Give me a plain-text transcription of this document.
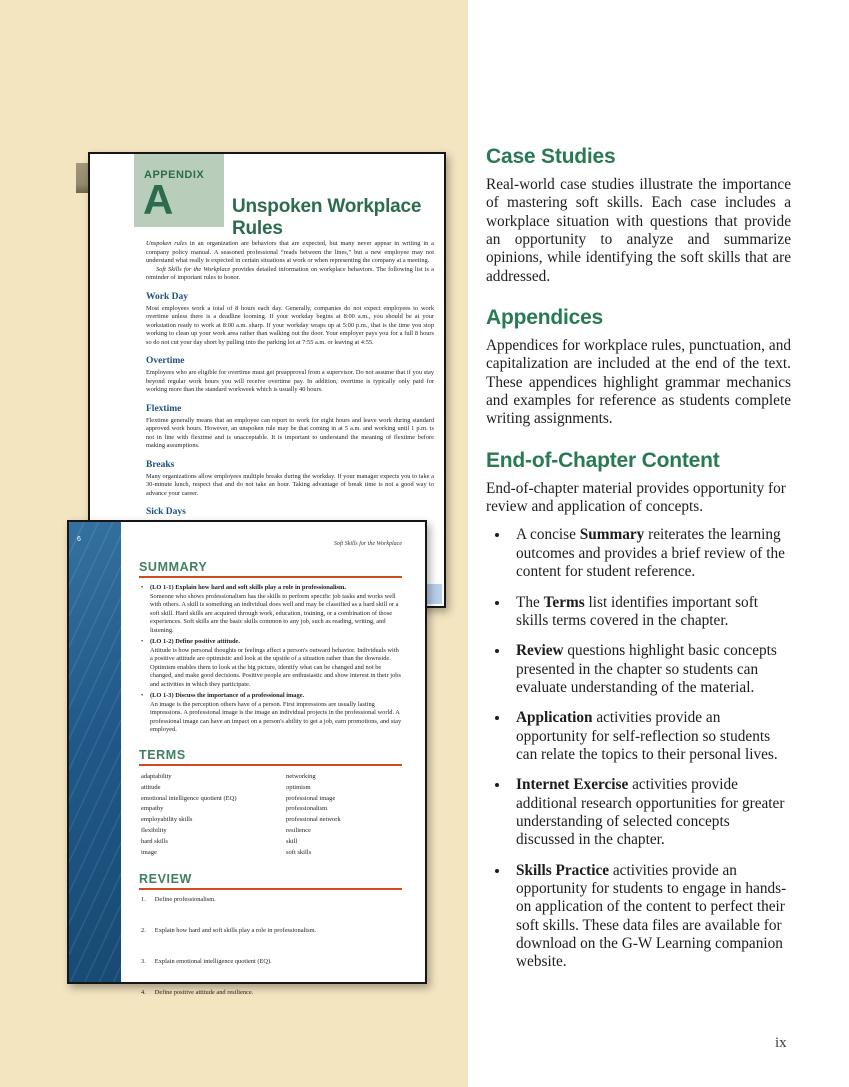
APPENDIX
A	Unspoken Workplace Rules

Unspoken rules in an organization are behaviors that are expected, but many never appear in writing in a company policy manual. A seasoned professional “reads between the lines,” but a new employee may not understand what really is expected in certain situations at work or when representing the company at a meeting.

Soft Skills for the Workplace provides detailed information on workplace behaviors. The following list is a reminder of important rules to honor.

Work Day

Most employees work a total of 8 hours each day. Generally, companies do not expect employees to work overtime unless there is a deadline looming. If your workday begins at 8:00 a.m., you should be at your workstation ready to work at 8:00 a.m. sharp. If your workday wraps up at 5:00 p.m., that is the time you stop working to clean up your work area rather than walking out the door. Your employer pays you for a full 8 hours so do not cut your day short by pulling into the parking lot at 7:55 a.m. or leaving at 4:55.

Overtime

Employees who are eligible for overtime must get preapproval from a supervisor. Do not assume that if you stay beyond regular work hours you will receive overtime pay. In addition, overtime is typically only paid for working more than the standard workweek which is usually 40 hours.

Flextime

Flextime generally means that an employee can report to work for eight hours and leave work during standard approved work hours. However, an unspoken rule may be that coming in at 5 a.m. and working until 1 p.m. is not in line with flextime and is unacceptable. It is important to understand the meaning of flextime before making assumptions.

Breaks

Many organizations allow employees multiple breaks during the workday. If your manager expects you to take a 30-minute lunch, respect that and do not take an hour. Taking advantage of break time is not a good way to advance your career.

Sick Days
6
Soft Skills for the Workplace
SUMMARY
• (LO 1-1) Explain how hard and soft skills play a role in professionalism.
Someone who shows professionalism has the skills to perform specific job tasks and works well with others. A skill is something an individual does well and may be classified as a hard skill or a soft skill. Hard skills are acquired through work, education, training, or a combination of those experiences. Soft skills are the basic skills common to any job, such as reading, writing, and listening.
• (LO 1-2) Define positive attitude.
Attitude is how personal thoughts or feelings affect a person's outward behavior. Individuals with a positive attitude are optimistic and look at the upside of a situation rather than the downside. Optimism enables them to look at the big picture, identify what can be changed and not be changed, and make good decisions. Positive people are enthusiastic and show interest in their jobs and activities in which they participate.
• (LO 1-3) Discuss the importance of a professional image.
An image is the perception others have of a person. First impressions are usually lasting impressions. A professional image is the image an individual projects in the professional world. A professional image can have an impact on a person's ability to get a job, earn promotions, and stay employed.
TERMS
adaptability
attitude
emotional intelligence quotient (EQ)
empathy
employability skills
flexibility
hard skills
image
networking
optimism
professional image
professionalism
professional network
resilience
skill
soft skills
REVIEW
1. Define professionalism.
2. Explain how hard and soft skills play a role in professionalism.
3. Explain emotional intelligence quotient (EQ).
4. Define positive attitude and resilience.
Case Studies

Real-world case studies illustrate the importance of mastering soft skills. Each case includes a workplace situation with questions that provide an opportunity to analyze and summarize opinions, while identifying the soft skills that are addressed.

Appendices

Appendices for workplace rules, punctuation, and capitalization are included at the end of the text. These appendices highlight grammar mechanics and examples for reference as students complete writing assignments.

End-of-Chapter Content

End-of-chapter material provides opportunity for review and application of concepts.

• A concise Summary reiterates the learning outcomes and provides a brief review of the content for student reference.
• The Terms list identifies important soft skills terms covered in the chapter.
• Review questions highlight basic concepts presented in the chapter so students can evaluate understanding of the material.
• Application activities provide an opportunity for self-reflection so students can relate the topics to their personal lives.
• Internet Exercise activities provide additional research opportunities for greater understanding of selected concepts discussed in the chapter.
• Skills Practice activities provide an opportunity for students to engage in hands-on application of the content to perfect their soft skills. These data files are available for download on the G-W Learning companion website.
ix
